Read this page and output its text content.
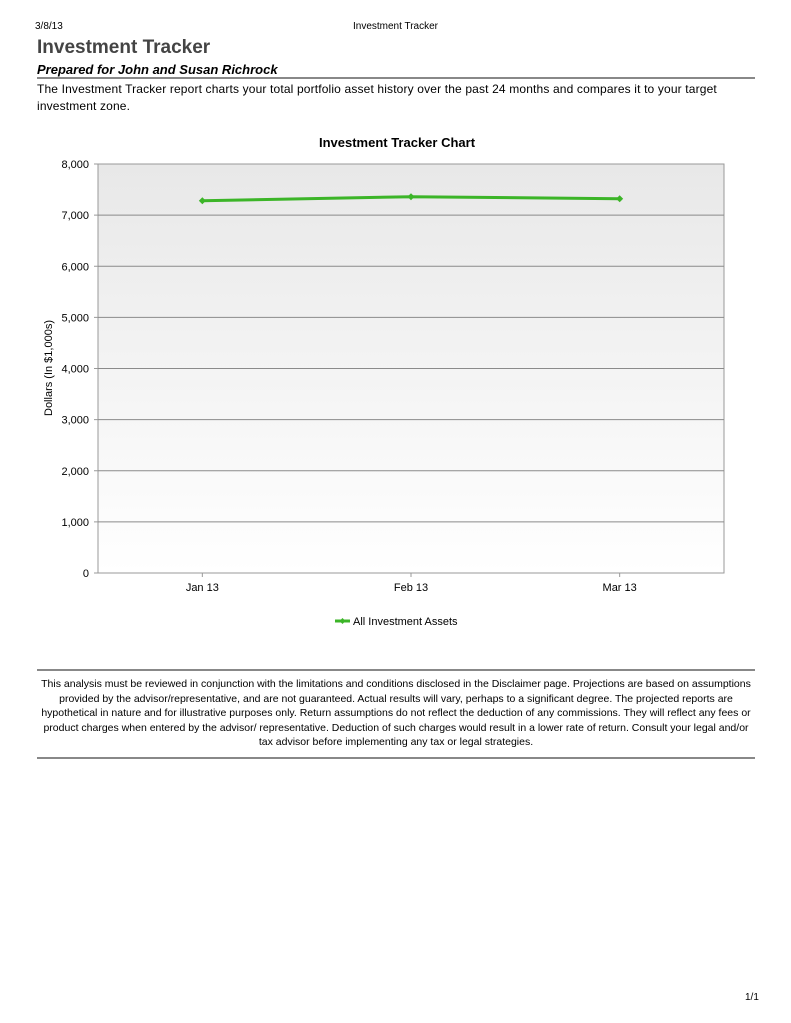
3/8/13	Investment Tracker
Investment Tracker
Prepared for John and Susan Richrock
The Investment Tracker report charts your total portfolio asset history over the past 24 months and compares it to your target investment zone.
Investment Tracker Chart
0
1,000
2,000
3,000
4,000
5,000
6,000
7,000
8,000
Jan 13	Feb 13	Mar 13
Dollars (In $1,000s)
All Investment Assets
This analysis must be reviewed in conjunction with the limitations and conditions disclosed in the Disclaimer page. Projections are based on assumptions provided by the advisor/representative, and are not guaranteed. Actual results will vary, perhaps to a significant degree. The projected reports are hypothetical in nature and for illustrative purposes only. Return assumptions do not reflect the deduction of any commissions. They will reflect any fees or product charges when entered by the advisor/ representative. Deduction of such charges would result in a lower rate of return. Consult your legal and/or tax advisor before implementing any tax or legal strategies.
1/1
